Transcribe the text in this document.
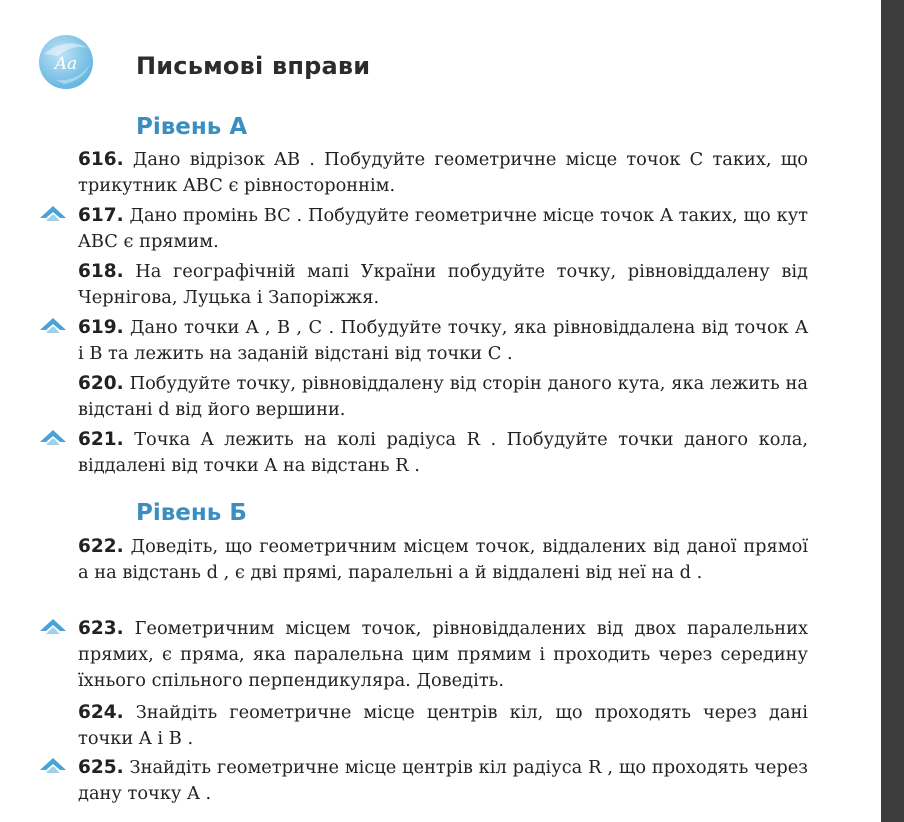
Aa Письмові вправи
Рівень А
Рівень Б
616. Дано відрізок AB . Побудуйте геометричне місце точок C таких, що трикутник ABC є рівностороннім.
617. Дано промінь BC . Побудуйте геометричне місце точок A таких, що кут ABC є прямим.
618. На географічній мапі України побудуйте точку, рівновіддалену від Чернігова, Луцька і Запоріжжя.
619. Дано точки A , B , C . Побудуйте точку, яка рівновіддалена від точок A і B та лежить на заданій відстані від точки C .
620. Побудуйте точку, рівновіддалену від сторін даного кута, яка лежить на відстані d від його вершини.
621. Точка A лежить на колі радіуса R . Побудуйте точки даного кола, віддалені від точки A на відстань R .
622. Доведіть, що геометричним місцем точок, віддалених від даної прямої a на відстань d , є дві прямі, паралельні a й віддалені від неї на d .
623. Геометричним місцем точок, рівновіддалених від двох паралельних прямих, є пряма, яка паралельна цим прямим і проходить через середину їхнього спільного перпендикуляра. Доведіть.
624. Знайдіть геометричне місце центрів кіл, що проходять через дані точки A і B .
625. Знайдіть геометричне місце центрів кіл радіуса R , що проходять через дану точку A .
